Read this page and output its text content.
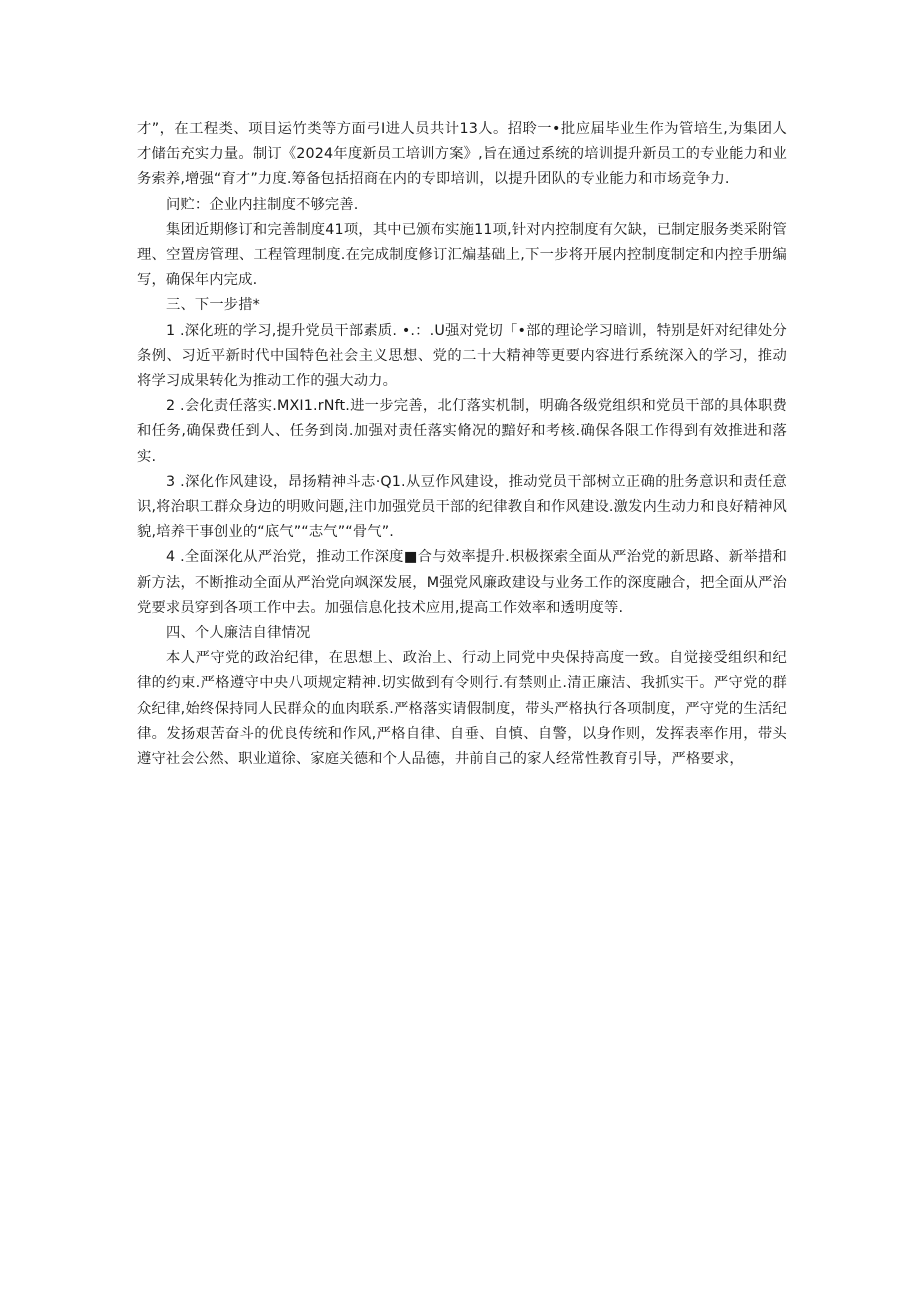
才”，在工程类、项目运竹类等方面弓I进人员共计13人。招聆一•批应届毕业生作为管培生,为集团人才储缶充实力量。制订《2024年度新员工培训方案》,旨在通过系统的培训提升新员工的专业能力和业务索养,增强“育才”力度.筹备包括招商在内的专即培训，以提升团队的专业能力和市场竞争力.

问贮：企业内拄制度不够完善.

集团近期修订和完善制度41项，其中已颁布实施11项,针对内控制度有欠缺，已制定服务类采附管理、空置房管理、工程管理制度.在完成制度修订汇煸基础上,下一步将开展内控制度制定和内控手册编写，确保年内完成.

三、下一步措*

1 .深化班的学习,提升党员干部素质. •.：.U强对党切「•部的理论学习暗训，特别是奸对纪律处分条例、习近平新时代中国特色社会主义思想、党的二十大精神等更要内容进行系统深入的学习，推动将学习成果转化为推动工作的强大动力。

2 .会化责任落实.MXI1.rNft.进一步完善，北仃落实机制，明确各级党组织和党员干部的具体职费和任务,确保费任到人、任务到岗.加强对责任落实脩况的黯好和考核.确保各限工作得到有效推进和落实.

3 .深化作风建设，昂扬精神斗志·Q1.从豆作风建设，推动党员干部树立正确的肚务意识和责任意识,将治职工群众身边的明败问题,注巾加强党员干部的纪律教自和作风建设.激发内生动力和良好精神风貌,培养干事创业的“底气”“志气”“骨气”.

4 .全面深化从严治党，推动工作深度■合与效率提升.枳极探索全面从严治党的新思路、新举措和新方法，不断推动全面从严治党向飒深发展，M强党风廉政建设与业务工作的深度融合，把全面从严治党要求员穿到各项工作中去。加强信息化技术应用,提高工作效率和透明度等.

四、个人廉洁自律情况

本人严守党的政治纪律，在思想上、政治上、行动上同党中央保持高度一致。自觉接受组织和纪律的约束.严格遵守中央八项规定精神.切实做到有令则行.有禁则止.清正廉洁、我抓实干。严守党的群众纪律,始终保持同人民群众的血肉联系.严格落实请假制度，带头严格执行各项制度，严守党的生活纪律。发扬艰苦奋斗的优良传统和作风,严格自律、自垂、自慎、自警，以身作则，发挥表率作用，带头遵守社会公然、职业道徐、家庭关德和个人品德，井前自己的家人经常性教育引导，严格要求，
